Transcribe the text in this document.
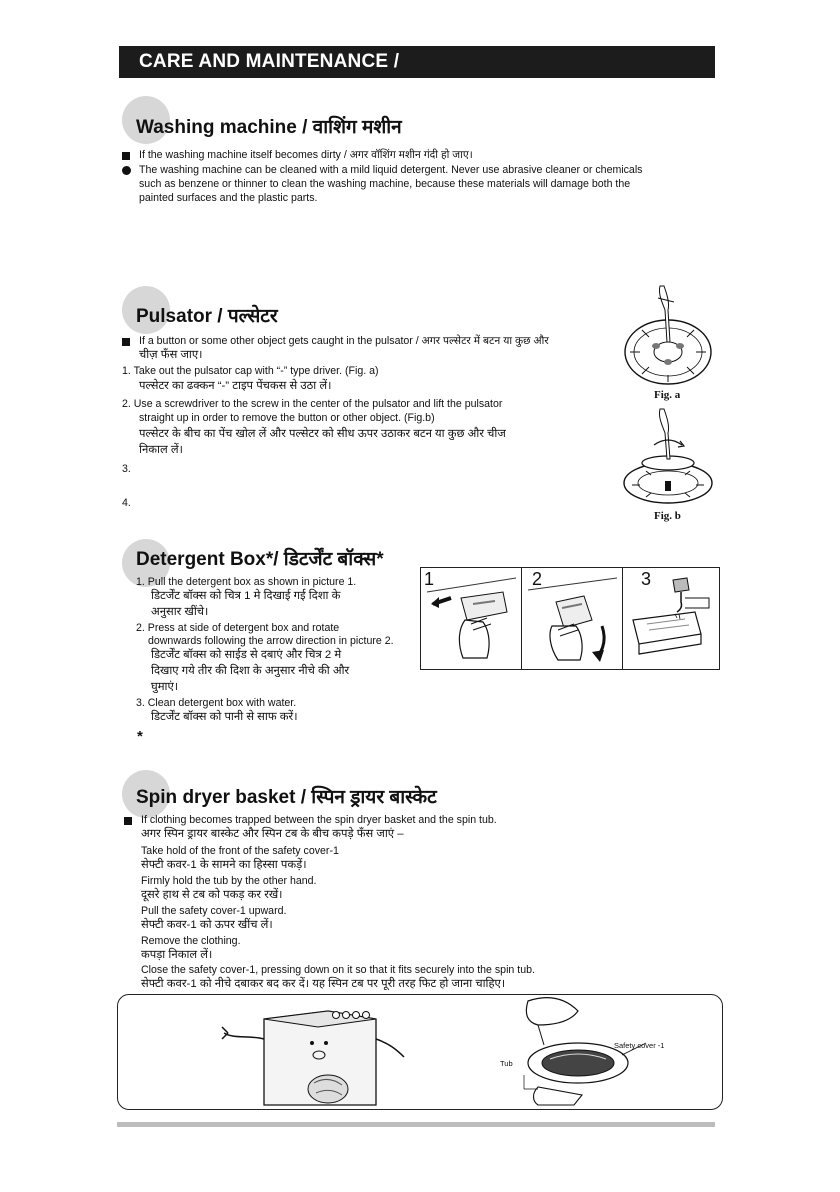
CARE AND MAINTENANCE /
Washing machine / वाशिंग मशीन
If the washing machine itself becomes dirty / अगर वॉशिंग मशीन गंदी हो जाए।
The washing machine can be cleaned with a mild liquid detergent. Never use abrasive cleaner or chemicals
such as benzene or thinner to clean the washing machine, because these materials will damage both the
painted surfaces and the plastic parts.
Pulsator / पल्सेटर
If a button or some other object gets caught in the pulsator / अगर पल्सेटर में बटन या कुछ और
चीज़ फँस जाए।
1. Take out the pulsator cap with “-” type driver. (Fig. a)
पल्सेटर का ढक्कन “-” टाइप पेंचकस से उठा लें।
2. Use a screwdriver to the screw in the center of the pulsator and lift the pulsator
straight up in order to remove the button or other object. (Fig.b)
पल्सेटर के बीच का पेंच खोल लें और पल्सेटर को सीध ऊपर उठाकर बटन या कुछ और चीज
निकाल लें।
3.
4.
Fig. a
Fig. b
Detergent Box*/ डिटर्जेंट बॉक्स*
1. Pull the detergent box as shown in picture 1.
डिटर्जेंट बॉक्स को चित्र 1 मे दिखाई गई दिशा के
अनुसार खींचे।
2. Press at side of detergent box and rotate
downwards following the arrow direction in picture 2.
डिटर्जेंट बॉक्स को साईड से दबाएं और चित्र 2 मे
दिखाए गये तीर की दिशा के अनुसार नीचे की और
घुमाएं।
3. Clean detergent box with water.
डिटर्जेंट बॉक्स को पानी से साफ करें।
*
1	2	3
Spin dryer basket / स्पिन ड्रायर बास्केट
If clothing becomes trapped between the spin dryer basket and the spin tub.
अगर स्पिन ड्रायर बास्केट और स्पिन टब के बीच कपड़े फँस जाएं –
Take hold of the front of the safety cover-1
सेफ्टी कवर-1 के सामने का हिस्सा पकड़ें।
Firmly hold the tub by the other hand.
दूसरे हाथ से टब को पकड़ कर रखें।
Pull the safety cover-1 upward.
सेफ्टी कवर-1 को ऊपर खींच लें।
Remove the clothing.
कपड़ा निकाल लें।
Close the safety cover-1, pressing down on it so that it fits securely into the spin tub.
सेफ्टी कवर-1 को नीचे दबाकर बद कर दें। यह स्पिन टब पर पूरी तरह फिट हो जाना चाहिए।
Safety cover -1
Tub
